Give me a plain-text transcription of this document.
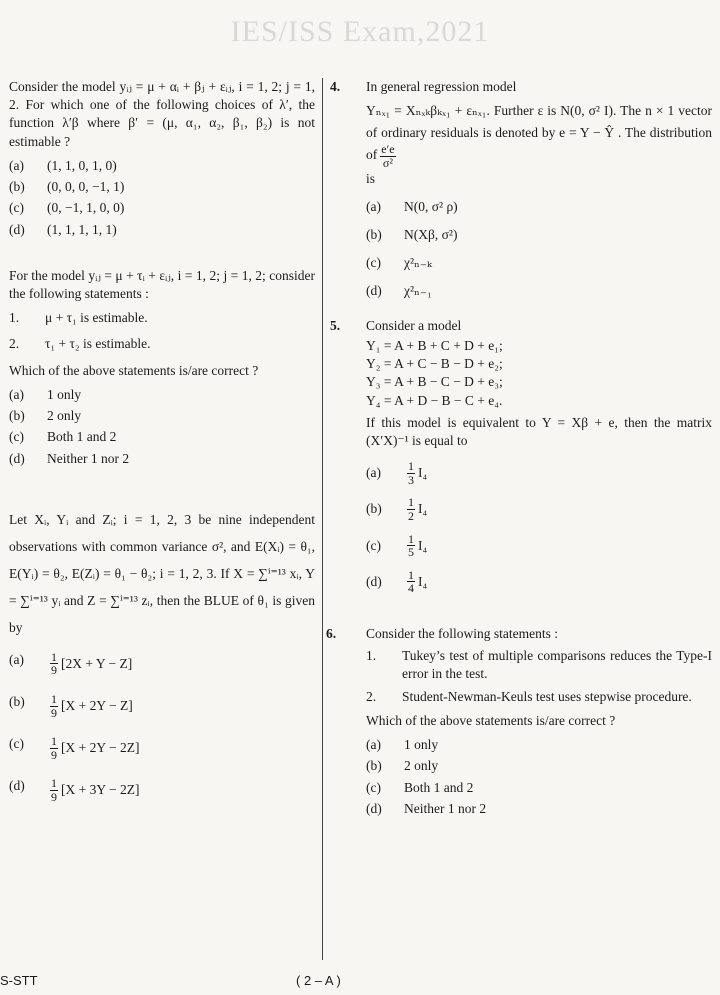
IES/ISS Exam,2021

Consider the model yᵢⱼ = μ + αᵢ + βⱼ + εᵢⱼ, i = 1, 2; j = 1, 2. For which one of the following choices of λ′, the function λ′β where β′ = (μ, α₁, α₂, β₁, β₂) is not estimable ?

(a)	(1, 1, 0, 1, 0)
(b)	(0, 0, 0, −1, 1)
(c)	(0, −1, 1, 0, 0)
(d)	(1, 1, 1, 1, 1)

For the model yᵢⱼ = μ + τᵢ + εᵢⱼ, i = 1, 2; j = 1, 2; consider the following statements :

1.	μ + τ₁ is estimable.
2.	τ₁ + τ₂ is estimable.

Which of the above statements is/are correct ?

(a)	1 only
(b)	2 only
(c)	Both 1 and 2
(d)	Neither 1 nor 2

Let Xᵢ, Yᵢ and Zᵢ; i = 1, 2, 3 be nine independent observations with common variance σ², and E(Xᵢ) = θ₁, E(Yᵢ) = θ₂, E(Zᵢ) = θ₁ − θ₂; i = 1, 2, 3. If X = ∑ⁱ⁼¹³ xᵢ, Y = ∑ⁱ⁼¹³ yᵢ and Z = ∑ⁱ⁼¹³ zᵢ, then the BLUE of θ₁ is given by

(a)	$\frac{1}{9} [2X + Y - Z]$
(b)	$\frac{1}{9} [X + 2Y - Z]$
(c)	$\frac{1}{9} [X + 2Y - 2Z]$
(d)	$\frac{1}{9} [X + 3Y - 2Z]$
4. In general regression model

Yₙₓ₁ = Xₙₓₖβₖₓ₁ + εₙₓ₁. Further ε is N(0, σ² I). The n × 1 vector of ordinary residuals is denoted by e = Y − Ŷ . The distribution of $\frac{e'e}{\text{σ²}}$

is

(a)	N(0, σ² ρ)
(b)	N(Xβ, σ²)
(c)	χ²ₙ₋ₖ
(d)	χ²ₙ₋₁
5. Consider a model

Y₁ = A + B + C + D + e₁;
Y₂ = A + C − B − D + e₂;
Y₃ = A + B − C − D + e₃;
Y₄ = A + D − B − C + e₄.

If this model is equivalent to Y = Xβ + e, then the matrix (X′X)⁻¹ is equal to

(a)	$\frac{1}{3} I_4$
(b)	$\frac{1}{2} I_4$
(c)	$\frac{1}{5} I_4$
(d)	$\frac{1}{4} I_4$
6. Consider the following statements :

1.	Tukey’s test of multiple comparisons reduces the Type-I error in the test.
2.	Student-Newman-Keuls test uses stepwise procedure.

Which of the above statements is/are correct ?

(a)	1 only
(b)	2 only
(c)	Both 1 and 2
(d)	Neither 1 nor 2
S-STT	( 2 – A )
